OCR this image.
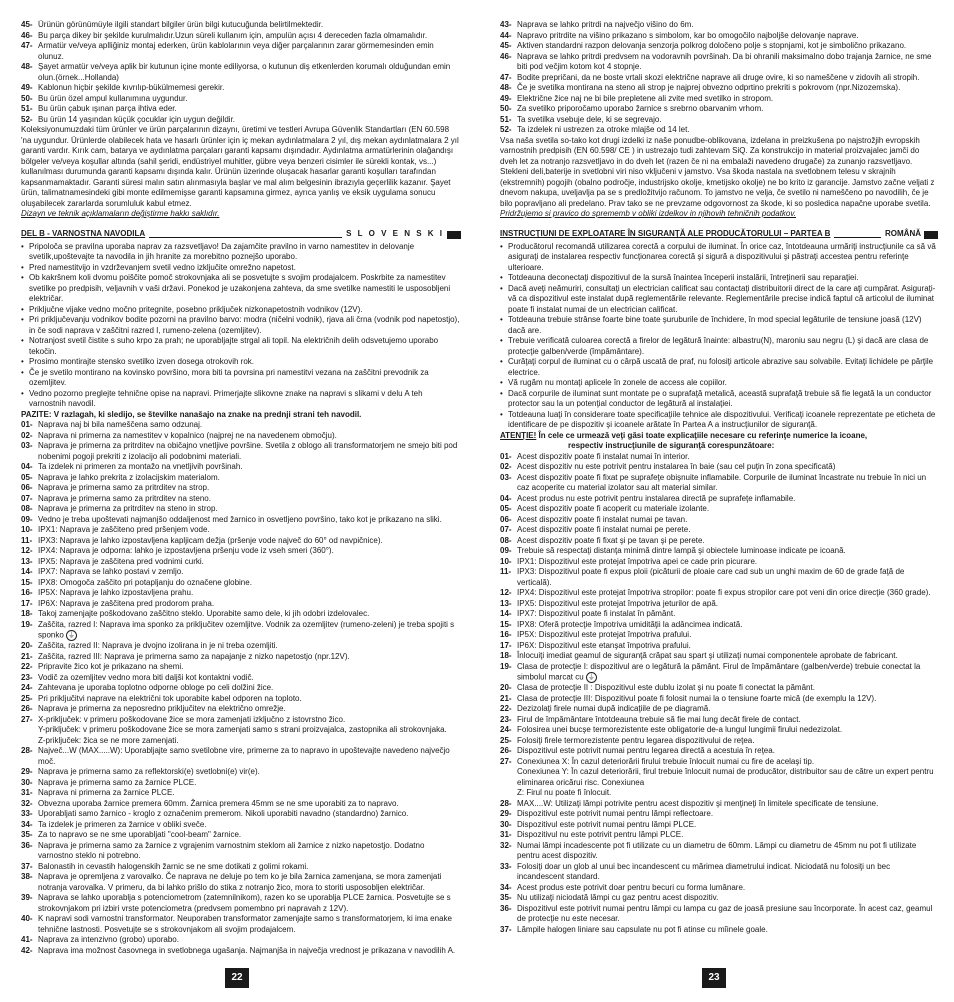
45- Ürünün görünümüyle ilgili standart bilgiler ürün bilgi kutucuğunda belirtilmektedir.
46- Bu parça dikey bir şekilde kurulmalıdır.Uzun süreli kullanım için, ampulün açısı 4 dereceden fazla olmamalıdır.
47- Armatür ve/veya aplliğiniz montaj ederken, ürün kablolarının veya diğer parçalarının zarar görmemesinden emin olunuz.
48- Şayet armatür ve/veya aplik bir kutunun içine monte ediliyorsa, o kutunun diş etkenlerden korumalı olduğundan emin olun.(örnek...Hollanda)
49- Kablonun hiçbir şekilde kıvrılıp-bükülmemesi gerekir.
50- Bu ürün özel ampul kullanımına uygundur.
51- Bu ürün çabuk ışınan parça ihtiva eder.
52- Bu ürün 14 yaşından küçük çocuklar için uygun değildir.
Koleksiyonumuzdaki tüm ürünler ve ürün parçalarının dizaynı, üretimi ve testleri Avrupa Güvenlik Standartları (EN 60.598 'na uygundur. Ürünlerde olabilecek hata ve hasarlı ürünler için iç mekan aydınlatmalara 2 yıl, dış mekan aydınlatmalara 2 yıl garanti vardır. Kırık cam, batarya ve aydınlatma parçaları garanti kapsamı dışındadır. Aydınlatma armatürlerinin olağandışı bölgeler ve/veya koşullar altında (sahil şeridi, endüstriyel muhitler, gübre veya benzeri cisimler ile sürekli kontak, vs...) kullanılması durumunda garanti kapsamı dışında kalır. Ürünün üzerinde oluşacak hasarlar garanti koşulları tarafından kapsanmamaktadır. Garanti süresi malın satın alınmasıyla başlar ve mal alım belgesinin ibrazıyla geçerlilik kazanır. Şayet ürün, talimatnamesindeki gibi monte edilmemişse garanti kapsamına girmez, ayrıca yanlış ve eksik uygulama sonucu oluşabilecek zararlarda sorumluluk kabul etmez.
Dizayn ve teknik açıklamaların değiştirme hakkı saklıdır.
DEL B - VARNOSTNA NAVODILA	S L O V E N S K I
• Pripoloča se pravilna uporaba naprav za razsvetljavo! Da zajamčite pravilno in varno namestitev in delovanje svetilk,upoštevajte ta navodila in jih hranite za morebitno poznejšo uporabo.
• Pred namestitvijo in vzdrževanjem svetil vedno izključite omrežno napetost.
• Ob kakršnem koli dvomu poiščite pomoč strokovnjaka ali se posvetujte s svojim prodajalcem. Poskrbite za namestitev svetilke po predpisih, veljavnih v vaši državi. Ponekod je uzakonjena zahteva, da sme svetilke namestiti le usposobljeni električar.
• Priključne vijake vedno močno pritegnite, posebno priključek nizkonapetostnih vodnikov (12V).
• Pri priključevanju vodnikov bodite pozorni na pravilno barvo: modra (ničelni vodnik), rjava ali črna (vodnik pod napetostjo), in če sodi naprava v zaščitni razred I, rumeno-zelena (ozemljitev).
• Notranjost svetil čistite s suho krpo za prah; ne uporabljajte strgal ali topil. Na električnih delih odsvetujemo uporabo tekočin.
• Prosimo montirajte stensko svetilko izven dosega otrokovih rok.
• Če je svetilo montirano na kovinsko površino, mora biti ta povrsina pri namestitvi vezana na zaščitni prevodnik za ozemljitev.
• Vedno pozorno preglejte tehnične opise na napravi. Primerjajte slikovne znake na napravi s slikami v delu A teh varnostnih navodil.
PAZITE: V razlagah, ki sledijo, se številke nanašajo na znake na prednji strani teh navodil.
01- Naprava naj bi bila nameščena samo odzunaj.
02- Naprava ni primerna za namestitev v kopalnico (najprej ne na navedenem območju).
03- Naprava je primerna za pritrditev na običajno vnetljive površine. Svetila z oblogo ali transformatorjem ne smejo biti pod nobenimi pogoji prekriti z izolacijo ali podobnimi materiali.
04- Ta izdelek ni primeren za montažo na vnetljivih površinah.
05- Naprava je lahko prekrita z izolacijskim materialom.
06- Naprava je primerna samo za pritrditev na strop.
07- Naprava je primerna samo za pritrditev na steno.
08- Naprava je primerna za pritrditev na steno in strop.
09- Vedno je treba upoštevati najmanjšo oddaljenost med žarnico in osvetljeno površino, tako kot je prikazano na sliki.
10- IPX1: Naprava je zaščiteno pred pršenjem vode.
11- IPX3: Naprava je lahko izpostavljena kapljicam dežja (pršenje vode največ do 60° od navpičnice).
12- IPX4: Naprava je odporna: lahko je izpostavljena pršenju vode iz vseh smeri (360°).
13- IPX5: Naprava je zaščitena pred vodnimi curki.
14- IPX7: Naprava se lahko postavi v zemljo.
15- IPX8: Omogoča zaščito pri potapljanju do označene globine.
16- IP5X: Naprava je lahko izpostavljena prahu.
17- IP6X: Naprava je zaščitena pred prodorom praha.
18- Takoj zamenjajte poškodovano zaščitno steklo. Uporabite samo dele, ki jih odobri izdelovalec.
19- Zaščita, razred I: Naprava ima sponko za priključitev ozemljitve. Vodnik za ozemljitev (rumeno-zeleni) je treba spojiti s sponko ⏚
20- Zaščita, razred II: Naprava je dvojno izolirana in je ni treba ozemljiti.
21- Zaščita, razred III: Naprava je primerna samo za napajanje z nizko napetostjo (npr.12V).
22- Pripravite žico kot je prikazano na shemi.
23- Vodič za ozemljitev vedno mora biti daljši kot kontaktni vodič.
24- Zahtevana je uporaba toplotno odporne obloge po celi dolžini žice.
25- Pri priključitvi naprave na električni tok uporabite kabel odporen na toploto.
26- Naprava je primerna za neposredno priključitev na električno omrežje.
27- X-priključek: v primeru poškodovane žice se mora zamenjati izključno z istovrstno žico.
Y-priključek: v primeru poškodovane žice se mora zamenjati samo s strani proizvajalca, zastopnika ali strokovnjaka.
Z-priključek: žica se ne more zamenjati.
28- Največ...W (MAX.....W): Uporabljajte samo svetilobne vire, primerne za to napravo in upoštevajte navedeno največjo moč.
29- Naprava je primerna samo za reflektorski(e) svetlobni(e) vir(e).
30- Naprava je primerna samo za žarnice PLCE.
31- Naprava ni primerna za žarnice PLCE.
32- Obvezna uporaba žarnice premera 60mm. Žarnica premera 45mm se ne sme uporabiti za to napravo.
33- Uporabljati samo žarnico - kroglo z označenim premerom. Nikoli uporabiti navadno (standardno) žarnico.
34- Ta izdelek je primeren za žarnice v obliki sveče.
35- Za to napravo se ne sme uporabljati "cool-beam" žarnice.
36- Naprava je primerna samo za žarnice z vgrajenim varnostnim steklom ali žarnice z nizko napetostjo. Dodatno varnostno steklo ni potrebno.
37- Balonastih in cevastih halogenskih žarnic se ne sme dotikati z golimi rokami.
38- Naprava je opremljena z varovalko. Če naprava ne deluje po tem ko je bila žarnica zamenjana, se mora zamenjati notranja varovalka. V primeru, da bi lahko prišlo do stika z notranjo žico, mora to storiti usposobljen električar.
39- Naprava se lahko uporablja s potenciometrom (zatemnilnikom), razen ko se uporablja PLCE žarnica. Posvetujte se s strokovnjakom pri izbiri vrste potenciometra (predvsem pomembno pri napravah z 12V).
40- K napravi sodi varnostni transformator. Neuporaben transformator zamenjajte samo s transformatorjem, ki ima enake tehnične lastnosti. Posvetujte se s strokovnjakom ali svojim prodajalcem.
41- Naprava za intenzivno (grobo) uporabo.
42- Naprava ima možnost časovnega in svetlobnega ugašanja. Najmanjša in največja vrednost je prikazana v navodilih A.
43- Naprava se lahko pritrdi na največjo višino do 6m.
44- Napravo pritrdite na višino prikazano s simbolom, kar bo omogočilo najboljše delovanje naprave.
45- Aktiven standardni razpon delovanja senzorja polkrog določeno polje s stopnjami, kot je simbolično prikazano.
46- Naprava se lahko pritrdi predvsem na vodoravnih površinah. Da bi ohranili maksimalno dobo trajanja žarnice, ne sme biti pod večjim kotom kot 4 stopnje.
47- Bodite prepričani, da ne boste vrtali skozi električne naprave ali druge ovire, ki so nameščene v zidovih ali stropih.
48- Če je svetilka montirana na steno ali strop je najprej obvezno odprtino prekriti s pokrovom (npr.Nizozemska).
49- Električne žice naj ne bi bile prepletene ali zvite med svetilko in stropom.
50- Za svetilko priporočamo uporabo žarnice s srebrno obarvanim vrhom.
51- Ta svetilka vsebuje dele, ki se segrevajo.
52- Ta izdelek ni ustrezen za otroke mlajše od 14 let.
Vsa naša svetila so-tako kot drugi izdelki iz naše ponudbe-oblikovana, izdelana in preizkušena po najstrožjih evropskih varnostnih predpisih (EN 60.598/ CE ) in ustrezajo tudi zahtevam SiQ. Za konstrukcijo in material proizvajalec jamči do dveh let za notranjo razsvetljavo in do dveh let (razen če ni na embalaži navedeno drugače) za zunanjo razsvetljavo. Stekleni deli,baterije in svetlobni viri niso vključeni v jamstvo. Vsa škoda nastala na svetlobnem telesu v skrajnih (ekstremnih) pogojih (obalno področje, industrijsko okolje, kmetijsko okolje) ne bo krito iz garancije. Jamstvo začne veljati z dnevom nakupa, uveljavlja pa se s predložitvijo računom. To jamstvo ne velja, če svetilo ni nameščeno po navodilih, če je bilo popravljano ali predelano. Prav tako se ne prevzame odgovornost za škode, ki so posledica napačne uporabe svetila.
Pridržujemo si pravico do sprememb v obliki izdelkov in njihovih tehničnih podatkov.
INSTRUCŢIUNI DE EXPLOATARE ÎN SIGURANŢĂ ALE PRODUCĂTORULUI – PARTEA B	ROMÂNĂ
• Producătorul recomandă utilizarea corectă a corpului de iluminat. În orice caz, întotdeauna urmăriţi instrucţiunile ca să vă asiguraţi de instalarea respectiv funcţionarea corectă şi sigură a dispozitivului şi păstraţi accestea pentru referinţe ulterioare.
• Totdeauna deconectaţi dispozitivul de la sursă înaintea începerii instalării, întreţinerii sau reparaţiei.
• Dacă aveţi neămuriri, consultaţi un electrician calificat sau contactaţi distribuitorii direct de la care aţi cumpărat. Asiguraţi-vă ca dispozitivul este instalat după reglementările relevante. Reglementările precise indică faptul că articolul de iluminat poate fi instalat numai de un electrician calificat.
• Totdeauna trebuie strânse foarte bine toate şuruburile de închidere, în mod special legăturile de tensiune joasă (12V) dacă are.
• Trebuie verificată culoarea corectă a firelor de legătură înainte: albastru(N), maroniu sau negru (L) şi dacă are clasa de protecţie galben/verde (împământare).
• Curăţaţi corpul de iluminat cu o cârpă uscată de praf, nu folosiţi articole abrazive sau solvabile. Evitaţi lichidele pe părţile electrice.
• Vă rugăm nu montaţi aplicele în zonele de access ale copiilor.
• Dacă corpurile de iluminat sunt montate pe o suprafaţă metalică, această suprafaţă trebuie să fie legată la un conductor protector sau la un potenţial conductor de legătură al instalaţiei.
• Totdeauna luaţi în considerare toate specificaţiile tehnice ale dispozitivului. Verificaţi icoanele reprezentate pe eticheta de identificare de pe dispozitiv şi icoanele arătate în Partea A a instrucţiunilor de siguranţă.
ATENŢIE! În cele ce urmează veţi găsi toate explicaţiile necesare cu referinţe numerice la icoane,
respectiv instrucţiunile de siguranţă corespunzătoare:
01- Acest dispozitiv poate fi instalat numai în interior.
02- Acest dispozitiv nu este potrivit pentru instalarea în baie (sau cel puţin în zona specificată)
03- Acest dispozitiv poate fi fixat pe suprafeţe obişnuite inflamabile. Corpurile de iluminat încastrate nu trebuie în nici un caz acoperite cu material izolator sau alt material similar.
04- Acest produs nu este potrivit pentru instalarea directă pe suprafeţe inflamabile.
05- Acest dispozitiv poate fi acoperit cu materiale izolante.
06- Acest dispozitiv poate fi instalat numai pe tavan.
07- Acest dispozitiv poate fi instalat numai pe perete.
08- Acest dispozitiv poate fi fixat şi pe tavan şi pe perete.
09- Trebuie să respectaţi distanţa minimă dintre lampă şi obiectele luminoase indicate pe icoană.
10- IPX1: Dispozitivul este protejat împotriva apei ce cade prin picurare.
11- IPX3: Dispozitivul poate fi expus ploii (picăturii de ploaie care cad sub un unghi maxim de 60 de grade faţă de verticală).
12- IPX4: Dispozitivul este protejat împotriva stropilor: poate fi expus stropilor care pot veni din orice direcţie (360 grade).
13- IPX5: Dispozitivul este protejat împotriva jeturilor de apă.
14- IPX7: Dispozitivul poate fi instalat în pământ.
15- IPX8: Oferă protecţie împotriva umidităţii la adâncimea indicată.
16- IP5X: Dispozitivul este protejat împotriva prafului.
17- IP6X: Dispozitivul este etanşat împotriva prafului.
18- Înlocuiţi imediat geamul de siguranţă crăpat sau spart şi utilizaţi numai componentele aprobate de fabricant.
19- Clasa de protecţie I: dispozitivul are o legătură la pământ. Firul de împământare (galben/verde) trebuie conectat la simbolul marcat cu ⏚
20- Clasa de protecţie II : Dispozitivul este dublu izolat şi nu poate fi conectat la pământ.
21- Clasa de protecţie III: Dispozitivul poate fi folosit numai la o tensiune foarte mică (de exemplu la 12V).
22- Dezizolaţi firele numai după indicaţiile de pe diagramă.
23- Firul de împământare întotdeauna trebuie să fie mai lung decât firele de contact.
24- Folosirea unei bucşe termorezistente este obligatorie de-a lungul lungimii firului nedezizolat.
25- Folosiţi firele termorezistente pentru legarea dispozitivului de reţea.
26- Dispozitivul este potrivit numai pentru legarea directă a acestuia în reţea.
27- Conexiunea X: În cazul deteriorării firului trebuie înlocuit numai cu fire de acelaşi tip.
Conexiunea Y: În cazul deteriorării, firul trebuie înlocuit numai de producător, distribuitor sau de către un expert pentru eliminarea oricărui risc. Conexiunea
Z: Firul nu poate fi înlocuit.
28- MAX....W: Utilizaţi lămpi potrivite pentru acest dispozitiv şi menţineţi în limitele specificate de tensiune.
29- Dispozitivul este potrivit numai pentru lămpi reflectoare.
30- Dispozitivul este potrivit numai pentru lămpi PLCE.
31- Dispozitivul nu este potrivit pentru lămpi PLCE.
32- Numai lămpi incadescente pot fi utilizate cu un diametru de 60mm. Lămpi cu diametru de 45mm nu pot fi utilizate pentru acest dispozitiv.
33- Folosiţi doar un glob al unui bec incandescent cu mărimea diametrului indicat. Niciodată nu folosiţi un bec incandescent standard.
34- Acest produs este potrivit doar pentru becuri cu forma lumânare.
35- Nu utilizaţi niciodată lămpi cu gaz pentru acest dispozitiv.
36- Dispozitivul este potrivit numai pentru lămpi cu lampa cu gaz de joasă presiune sau încorporate. În acest caz, geamul de protecţie nu este necesar.
37- Lămpile halogen liniare sau capsulate nu pot fi atinse cu mîinele goale.
22	23
